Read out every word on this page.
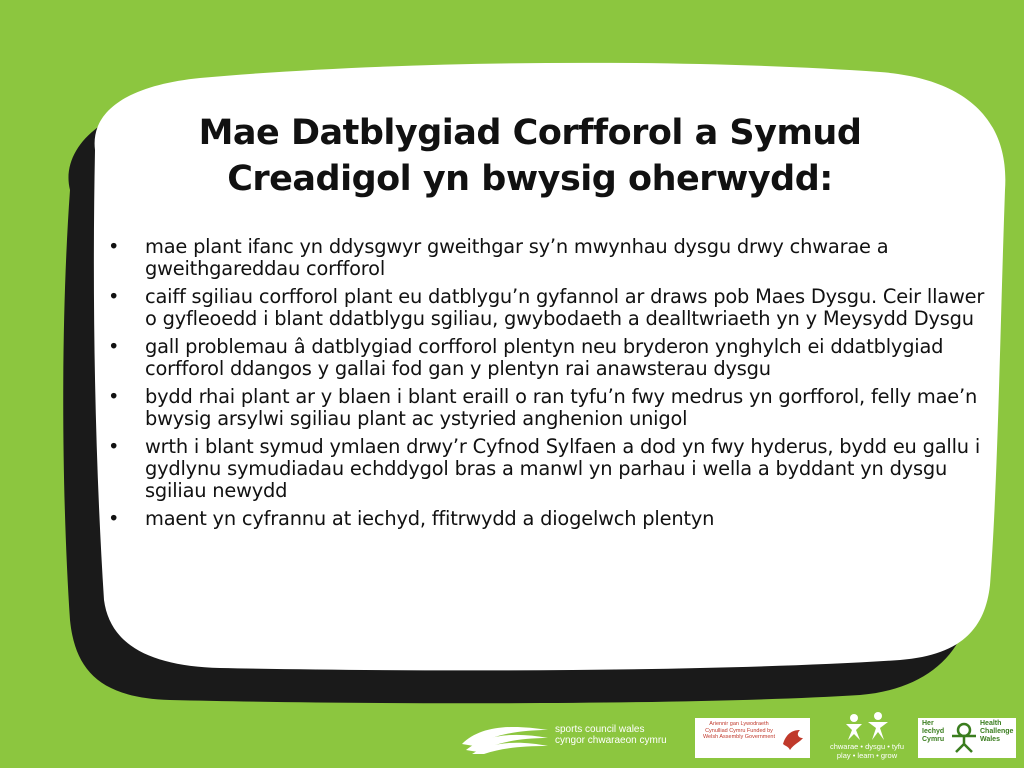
Mae Datblygiad Corfforol a Symud
Creadigol yn bwysig oherwydd:
• mae plant ifanc yn ddysgwyr gweithgar sy’n mwynhau dysgu drwy chwarae a gweithgareddau corfforol
• caiff sgiliau corfforol plant eu datblygu’n gyfannol ar draws pob Maes Dysgu. Ceir llawer o gyfleoedd i blant ddatblygu sgiliau, gwybodaeth a dealltwriaeth yn y Meysydd Dysgu
• gall problemau â datblygiad corfforol plentyn neu bryderon ynghylch ei ddatblygiad corfforol ddangos y gallai fod gan y plentyn rai anawsterau dysgu
• bydd rhai plant ar y blaen i blant eraill o ran tyfu’n fwy medrus yn gorfforol, felly mae’n bwysig arsylwi sgiliau plant ac ystyried anghenion unigol
• wrth i blant symud ymlaen drwy’r Cyfnod Sylfaen a dod yn fwy hyderus, bydd eu gallu i gydlynu symudiadau echddygol bras a manwl yn parhau i wella a byddant yn dysgu sgiliau newydd
• maent yn cyfrannu at iechyd, ffitrwydd a diogelwch plentyn
sports council wales
cyngor chwaraeon cymru
Ariennir gan Lywodraeth Cynulliad Cymru Funded by Welsh Assembly Government
chwarae • dysgu • tyfu
play • learn • grow
Her Iechyd Cymru
Health Challenge Wales
